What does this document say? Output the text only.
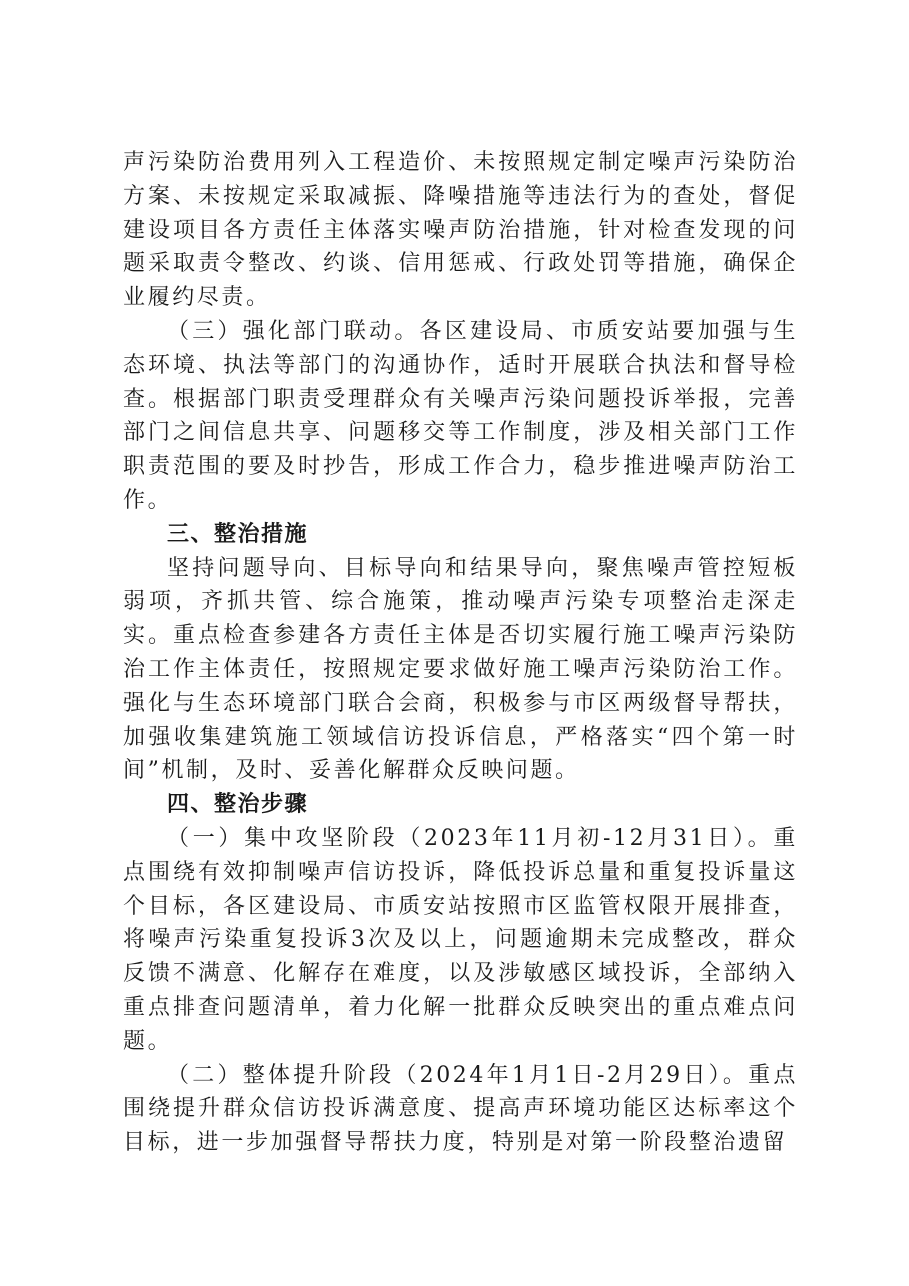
声污染防治费用列入工程造价、未按照规定制定噪声污染防治方案、未按规定采取减振、降噪措施等违法行为的查处，督促建设项目各方责任主体落实噪声防治措施，针对检查发现的问题采取责令整改、约谈、信用惩戒、行政处罚等措施，确保企业履约尽责。

（三）强化部门联动。各区建设局、市质安站要加强与生态环境、执法等部门的沟通协作，适时开展联合执法和督导检查。根据部门职责受理群众有关噪声污染问题投诉举报，完善部门之间信息共享、问题移交等工作制度，涉及相关部门工作职责范围的要及时抄告，形成工作合力，稳步推进噪声防治工作。

三、整治措施

坚持问题导向、目标导向和结果导向，聚焦噪声管控短板弱项，齐抓共管、综合施策，推动噪声污染专项整治走深走实。重点检查参建各方责任主体是否切实履行施工噪声污染防治工作主体责任，按照规定要求做好施工噪声污染防治工作。强化与生态环境部门联合会商，积极参与市区两级督导帮扶，加强收集建筑施工领域信访投诉信息，严格落实“四个第一时间”机制，及时、妥善化解群众反映问题。

四、整治步骤

（一）集中攻坚阶段（2023年11月初-12月31日）。重点围绕有效抑制噪声信访投诉，降低投诉总量和重复投诉量这个目标，各区建设局、市质安站按照市区监管权限开展排查，将噪声污染重复投诉3次及以上，问题逾期未完成整改，群众反馈不满意、化解存在难度，以及涉敏感区域投诉，全部纳入重点排查问题清单，着力化解一批群众反映突出的重点难点问题。

（二）整体提升阶段（2024年1月1日-2月29日）。重点围绕提升群众信访投诉满意度、提高声环境功能区达标率这个目标，进一步加强督导帮扶力度，特别是对第一阶段整治遗留
